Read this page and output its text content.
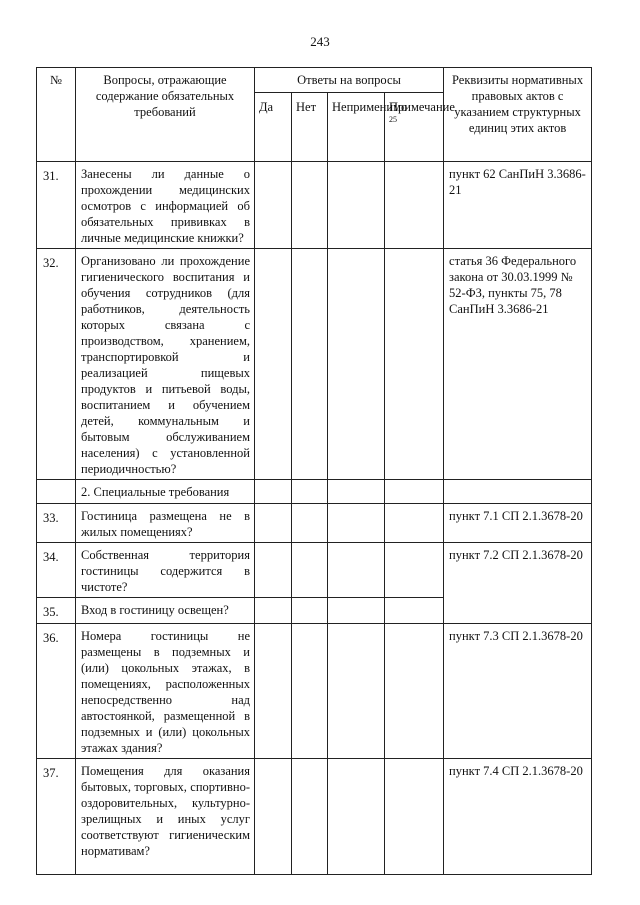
243
№	Вопросы, отражающие содержание обязательных требований	Ответы на вопросы				Реквизиты нормативных правовых актов с указанием структурных единиц этих актов
		Да	Нет	Неприменимо	Примечание $^{25}$
31.	Занесены ли данные о прохождении медицинских осмотров с информацией об обязательных прививках в личные медицинские книжки?					пункт 62 СанПиН 3.3686-21
32.	Организовано ли прохождение гигиенического воспитания и обучения сотрудников (для работников, деятельность которых связана с производством, хранением, транспортировкой и реализацией пищевых продуктов и питьевой воды, воспитанием и обучением детей, коммунальным и бытовым обслуживанием населения) с установленной периодичностью?					статья 36 Федерального закона от 30.03.1999 № 52-ФЗ, пункты 75, 78 СанПиН 3.3686-21
	2. Специальные требования					
33.	Гостиница размещена не в жилых помещениях?					пункт 7.1 СП 2.1.3678-20
34.	Собственная территория гостиницы содержится в чистоте?					пункт 7.2 СП 2.1.3678-20
35.	Вход в гостиницу освещен?					
36.	Номера гостиницы не размещены в подземных и (или) цокольных этажах, в помещениях, расположенных непосредственно над автостоянкой, размещенной в подземных и (или) цокольных этажах здания?					пункт 7.3 СП 2.1.3678-20
37.	Помещения для оказания бытовых, торговых, спортивно-оздоровительных, культурно-зрелищных и иных услуг соответствуют гигиеническим нормативам?					пункт 7.4 СП 2.1.3678-20
